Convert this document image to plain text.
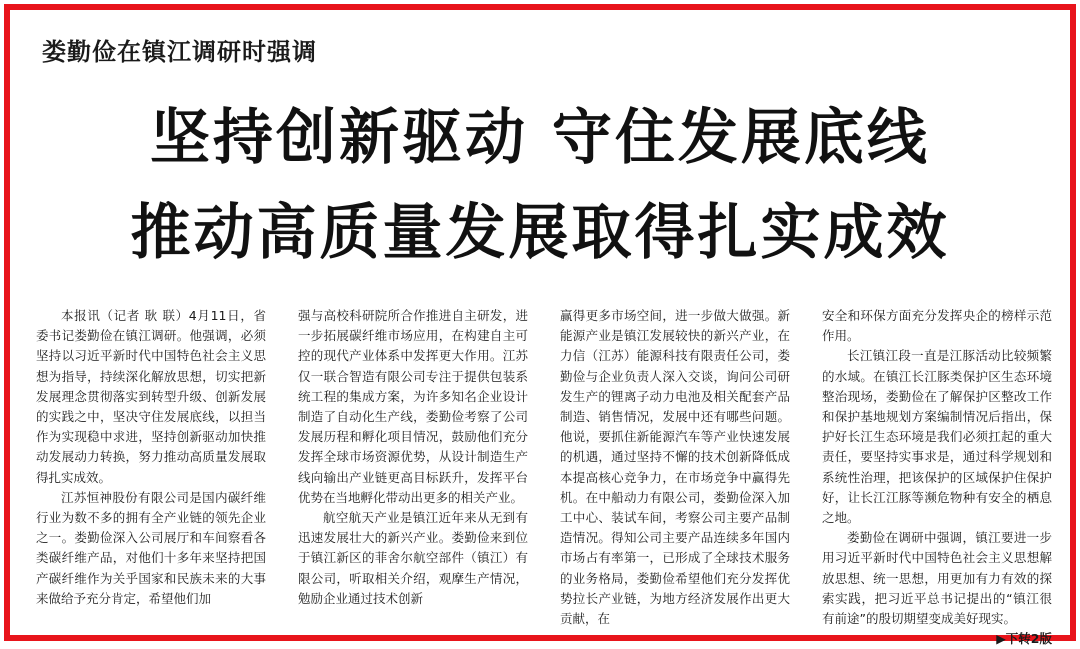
娄勤俭在镇江调研时强调
坚持创新驱动 守住发展底线
推动高质量发展取得扎实成效

本报讯（记者 耿 联）4月11日，省委书记娄勤俭在镇江调研。他强调，必须坚持以习近平新时代中国特色社会主义思想为指导，持续深化解放思想，切实把新发展理念贯彻落实到转型升级、创新发展的实践之中，坚决守住发展底线，以担当作为实现稳中求进，坚持创新驱动加快推动发展动力转换，努力推动高质量发展取得扎实成效。

江苏恒神股份有限公司是国内碳纤维行业为数不多的拥有全产业链的领先企业之一。娄勤俭深入公司展厅和车间察看各类碳纤维产品，对他们十多年来坚持把国产碳纤维作为关乎国家和民族未来的大事来做给予充分肯定，希望他们加

强与高校科研院所合作推进自主研发，进一步拓展碳纤维市场应用，在构建自主可控的现代产业体系中发挥更大作用。江苏仅一联合智造有限公司专注于提供包装系统工程的集成方案，为许多知名企业设计制造了自动化生产线，娄勤俭考察了公司发展历程和孵化项目情况，鼓励他们充分发挥全球市场资源优势，从设计制造生产线向输出产业链更高目标跃升，发挥平台优势在当地孵化带动出更多的相关产业。

航空航天产业是镇江近年来从无到有迅速发展壮大的新兴产业。娄勤俭来到位于镇江新区的菲舍尔航空部件（镇江）有限公司，听取相关介绍，观摩生产情况，勉励企业通过技术创新

赢得更多市场空间，进一步做大做强。新能源产业是镇江发展较快的新兴产业，在力信（江苏）能源科技有限责任公司，娄勤俭与企业负责人深入交谈，询问公司研发生产的锂离子动力电池及相关配套产品制造、销售情况，发展中还有哪些问题。他说，要抓住新能源汽车等产业快速发展的机遇，通过坚持不懈的技术创新降低成本提高核心竞争力，在市场竞争中赢得先机。在中船动力有限公司，娄勤俭深入加工中心、装试车间，考察公司主要产品制造情况。得知公司主要产品连续多年国内市场占有率第一，已形成了全球技术服务的业务格局，娄勤俭希望他们充分发挥优势拉长产业链，为地方经济发展作出更大贡献，在

安全和环保方面充分发挥央企的榜样示范作用。

长江镇江段一直是江豚活动比较频繁的水域。在镇江长江豚类保护区生态环境整治现场，娄勤俭在了解保护区整改工作和保护基地规划方案编制情况后指出，保护好长江生态环境是我们必须扛起的重大责任，要坚持实事求是，通过科学规划和系统性治理，把该保护的区域保护住保护好，让长江江豚等濒危物种有安全的栖息之地。

娄勤俭在调研中强调，镇江要进一步用习近平新时代中国特色社会主义思想解放思想、统一思想，用更加有力有效的探索实践，把习近平总书记提出的“镇江很有前途”的殷切期望变成美好现实。

▶下转2版
